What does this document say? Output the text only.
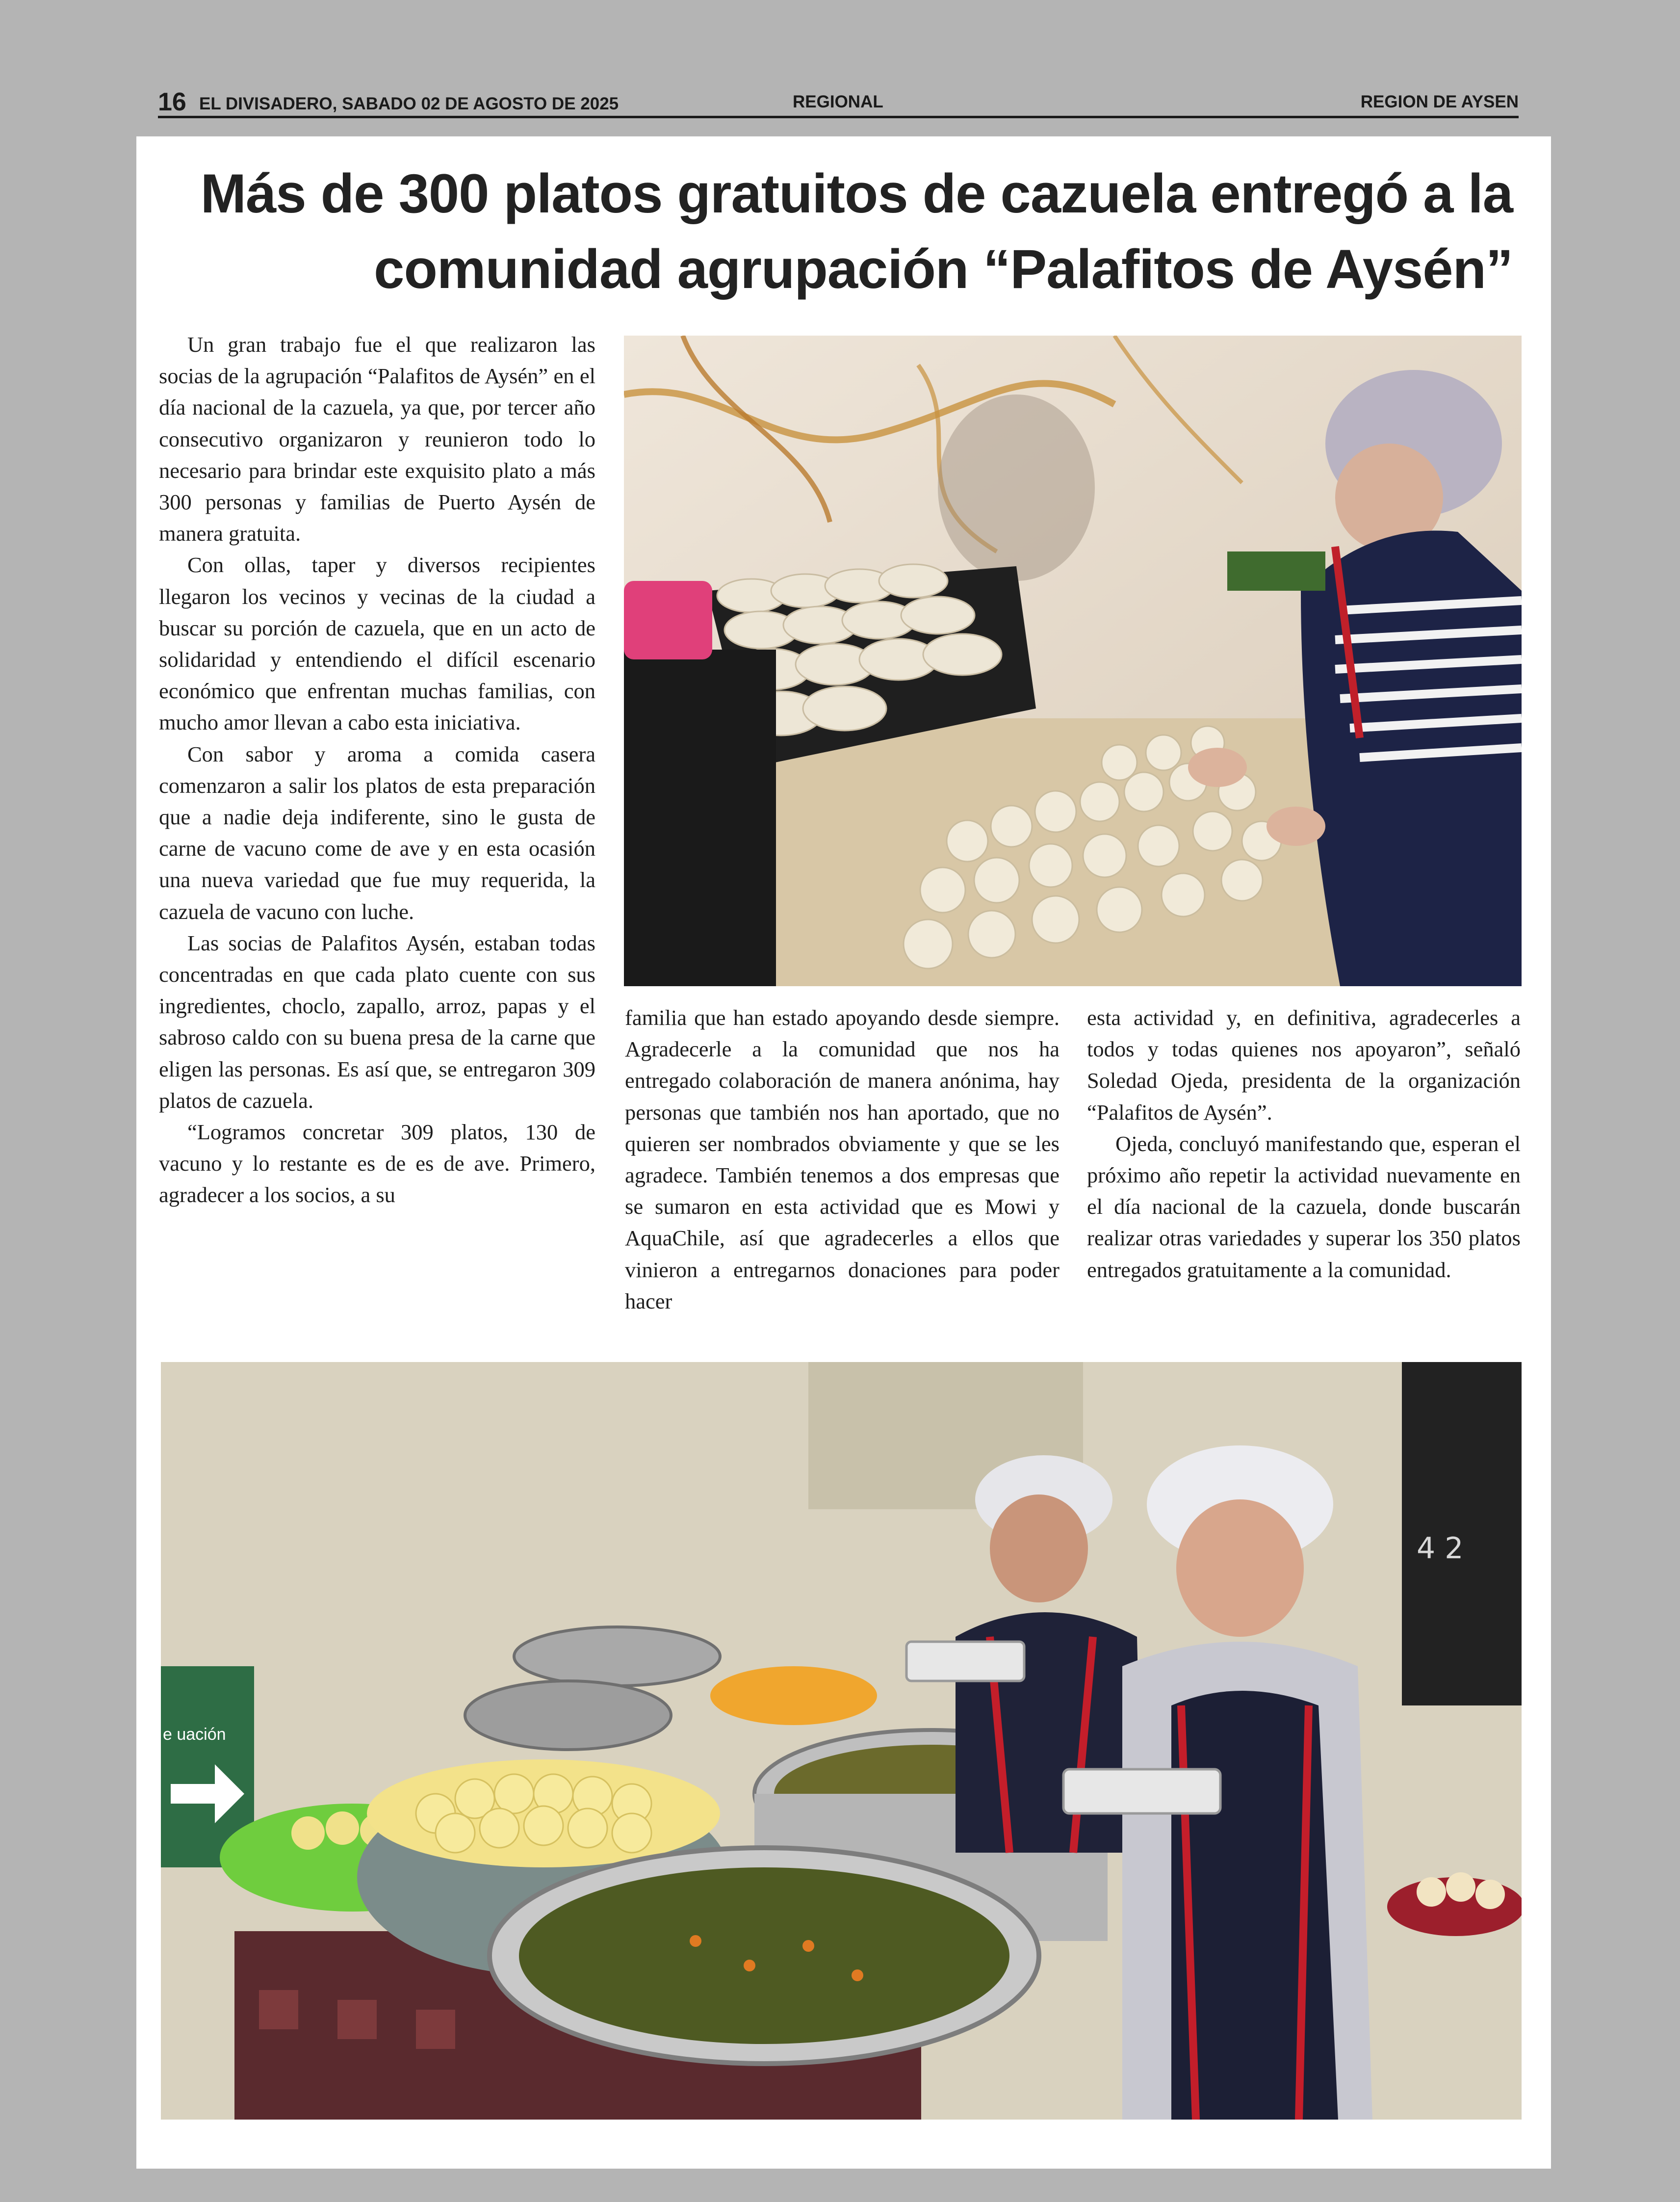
16 EL DIVISADERO, SABADO 02 DE AGOSTO DE 2025	REGIONAL	REGION DE AYSEN
Más de 300 platos gratuitos de cazuela entregó a la
comunidad agrupación “Palafitos de Aysén”

Un gran trabajo fue el que realizaron las socias de la agrupación “Palafitos de Aysén” en el día nacional de la cazuela, ya que, por tercer año consecutivo organizaron y reunieron todo lo necesario para brindar este exquisito plato a más 300 personas y familias de Puerto Aysén de manera gratuita.

Con ollas, taper y diversos recipientes llegaron los vecinos y vecinas de la ciudad a buscar su porción de cazuela, que en un acto de solidaridad y entendiendo el difícil escenario económico que enfrentan muchas familias, con mucho amor llevan a cabo esta iniciativa.

Con sabor y aroma a comida casera comenzaron a salir los platos de esta preparación que a nadie deja indiferente, sino le gusta de carne de vacuno come de ave y en esta ocasión una nueva variedad que fue muy requerida, la cazuela de vacuno con luche.

Las socias de Palafitos Aysén, estaban todas concentradas en que cada plato cuente con sus ingredientes, choclo, zapallo, arroz, papas y el sabroso caldo con su buena presa de la carne que eligen las personas. Es así que, se entregaron 309 platos de cazuela.

“Logramos concretar 309 platos, 130 de vacuno y lo restante es de es de ave. Primero, agradecer a los socios, a su

familia que han estado apoyando desde siempre. Agradecerle a la comunidad que nos ha entregado colaboración de manera anónima, hay personas que también nos han aportado, que no quieren ser nombrados obviamente y que se les agradece. También tenemos a dos empresas que se sumaron en esta actividad que es Mowi y AquaChile, así que agradecerles a ellos que vinieron a entregarnos donaciones para poder hacer

esta actividad y, en definitiva, agradecerles a todos y todas quienes nos apoyaron”, señaló Soledad Ojeda, presidenta de la organización “Palafitos de Aysén”.

Ojeda, concluyó manifestando que, esperan el próximo año repetir la actividad nuevamente en el día nacional de la cazuela, donde buscarán realizar otras variedades y superar los 350 platos entregados gratuitamente a la comunidad.

4 2
e uación
